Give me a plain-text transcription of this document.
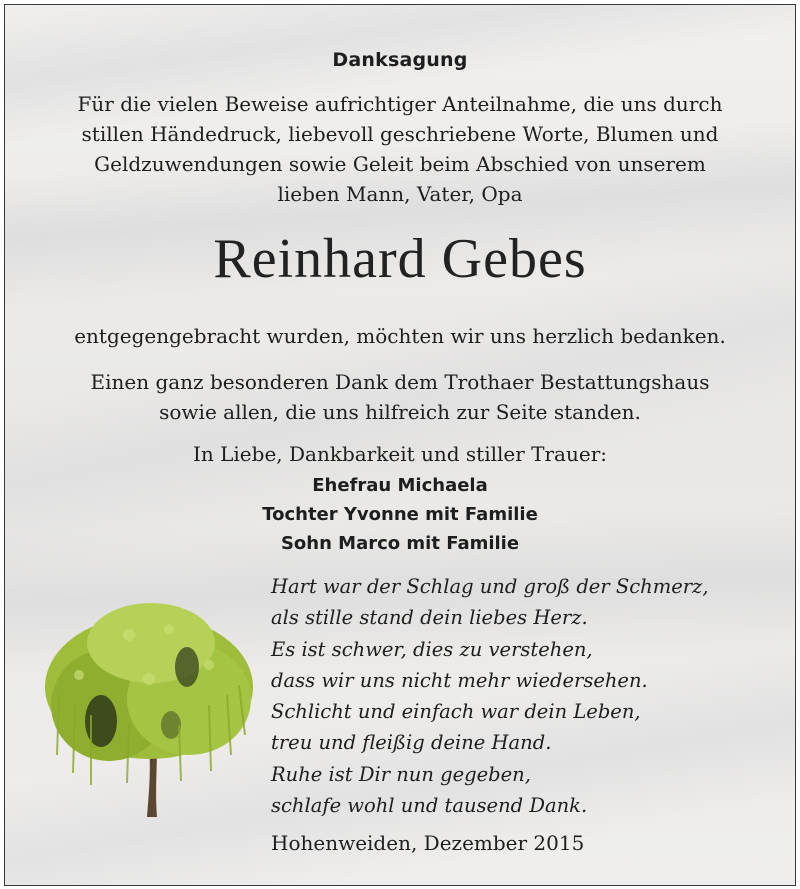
Danksagung
Für die vielen Beweise aufrichtiger Anteilnahme, die uns durch
stillen Händedruck, liebevoll geschriebene Worte, Blumen und
Geldzuwendungen sowie Geleit beim Abschied von unserem
lieben Mann, Vater, Opa
Reinhard Gebes
entgegengebracht wurden, möchten wir uns herzlich bedanken.
Einen ganz besonderen Dank dem Trothaer Bestattungshaus
sowie allen, die uns hilfreich zur Seite standen.
In Liebe, Dankbarkeit und stiller Trauer:
Ehefrau Michaela
Tochter Yvonne mit Familie
Sohn Marco mit Familie
Hart war der Schlag und groß der Schmerz,
als stille stand dein liebes Herz.
Es ist schwer, dies zu verstehen,
dass wir uns nicht mehr wiedersehen.
Schlicht und einfach war dein Leben,
treu und fleißig deine Hand.
Ruhe ist Dir nun gegeben,
schlafe wohl und tausend Dank.
Hohenweiden, Dezember 2015
